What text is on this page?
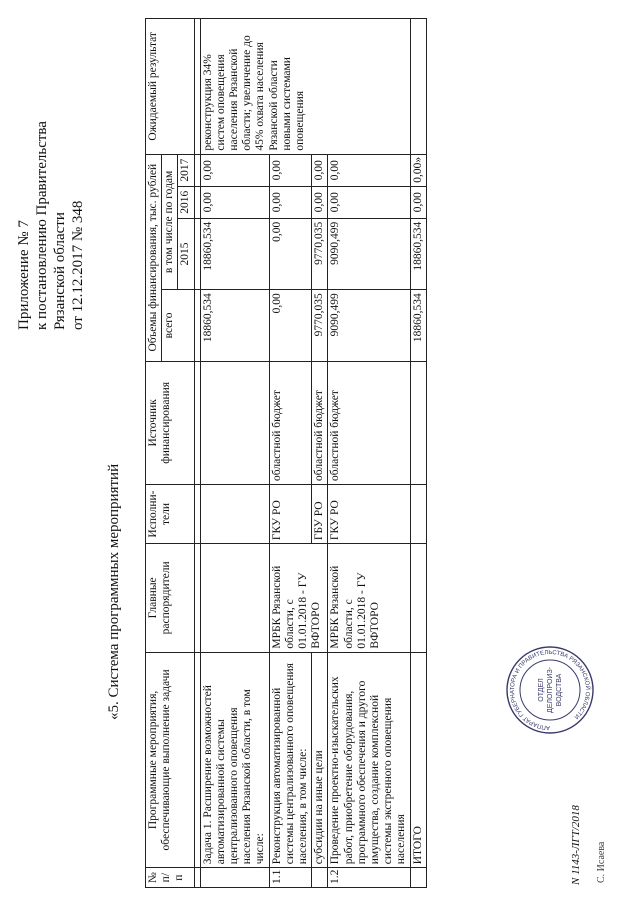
Приложение № 7 к постановлению Правительства Рязанской области от 12.12.2017 № 348
«5. Система программных мероприятий
№ п/п	Программные мероприятия, обеспечивающие выполнение задачи	Главные распорядители	Исполни-тели	Источник финансирования	Объемы финансирования, тыс. рублей				Ожидаемый результат
					всего	в том числе по годам			
						2015	2016	2017	

	Задача 1. Расширение возможностей автоматизированной системы централизованного оповещения населения Рязанской области, в том числе:				18860,534	18860,534	0,00	0,00	реконструкция 34% систем оповещения населения Рязанской области; увеличение до 45% охвата населения Рязанской области новыми системами оповещения
1.1	Реконструкция автоматизированной системы централизованного оповещения населения, в том числе:	МРБК Рязанской области, с 01.01.2018 - ГУ ВФТОРО	ГКУ РО	областной бюджет	0,00	0,00	0,00	0,00	
	субсидии на иные цели		ГБУ РО	областной бюджет	9770,035	9770,035	0,00	0,00	
1.2	Проведение проектно-изыскательских работ, приобретение оборудования, программного обеспечения и другого имущества, создание комплексной системы экстренного оповещения населения	МРБК Рязанской области, с 01.01.2018 - ГУ ВФТОРО	ГКУ РО	областной бюджет	9090,499	9090,499	0,00	0,00	
	ИТОГО				18860,534	18860,534	0,00	0,00»	
АППАРАТ ГУБЕРНАТОРА И ПРАВИТЕЛЬСТВА РЯЗАНСКОЙ ОБЛАСТИ
ОТДЕЛ ДЕЛОПРОИЗ- ВОДСТВА
N 1143-ЛГТ/2018 С. Исаева
